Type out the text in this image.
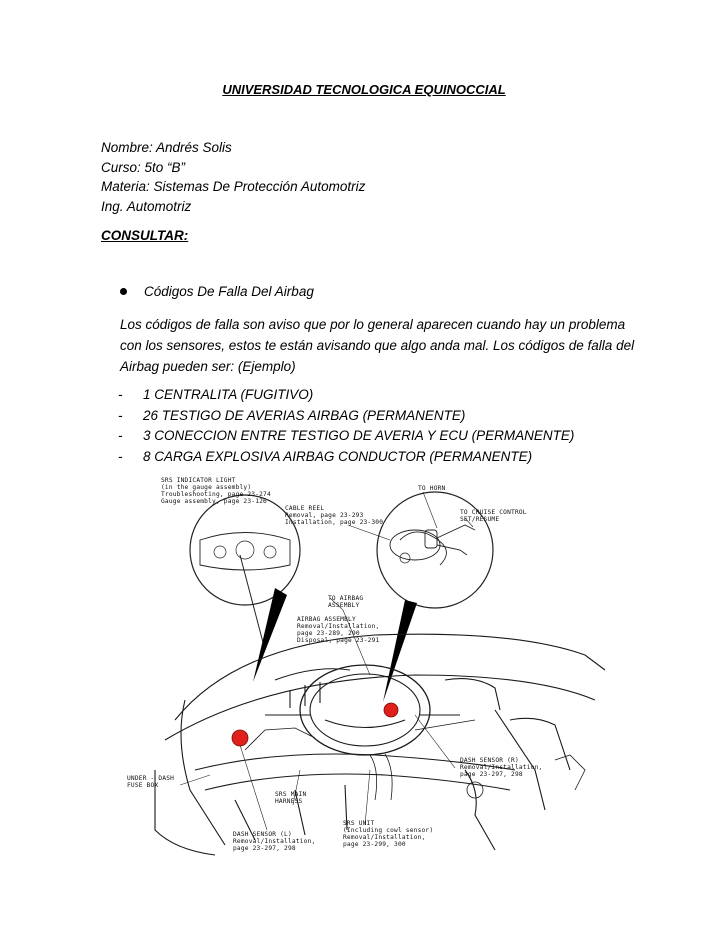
UNIVERSIDAD TECNOLOGICA EQUINOCCIAL
Nombre: Andrés Solis
Curso: 5to “B”
Materia: Sistemas De Protección Automotriz
Ing. Automotriz
CONSULTAR:
Códigos De Falla Del Airbag
Los códigos de falla son aviso que por lo general aparecen cuando hay un problema
con los sensores, estos te están avisando que algo anda mal. Los códigos de falla del
Airbag pueden ser: (Ejemplo)
- 1 CENTRALITA (FUGITIVO)
- 26 TESTIGO DE AVERIAS AIRBAG (PERMANENTE)
- 3 CONECCION ENTRE TESTIGO DE AVERIA Y ECU (PERMANENTE)
- 8 CARGA EXPLOSIVA AIRBAG CONDUCTOR (PERMANENTE)
SRS INDICATOR LIGHT
(in the gauge assembly)
Troubleshooting, page 23-274
Gauge assembly, page 23-126
CABLE REEL
Removal, page 23-293
Installation, page 23-300
TO HORN
TO CRUISE CONTROL
SET/RESUME
TO AIRBAG
ASSEMBLY
AIRBAG ASSEMBLY
Removal/Installation,
page 23-289, 290
Disposal, page 23-291
UNDER - DASH
FUSE BOX
SRS MAIN
HARNESS
DASH SENSOR (R)
Removal/Installation,
page 23-297, 298
DASH SENSOR (L)
Removal/Installation,
page 23-297, 298
SRS UNIT
(Including cowl sensor)
Removal/Installation,
page 23-299, 300
